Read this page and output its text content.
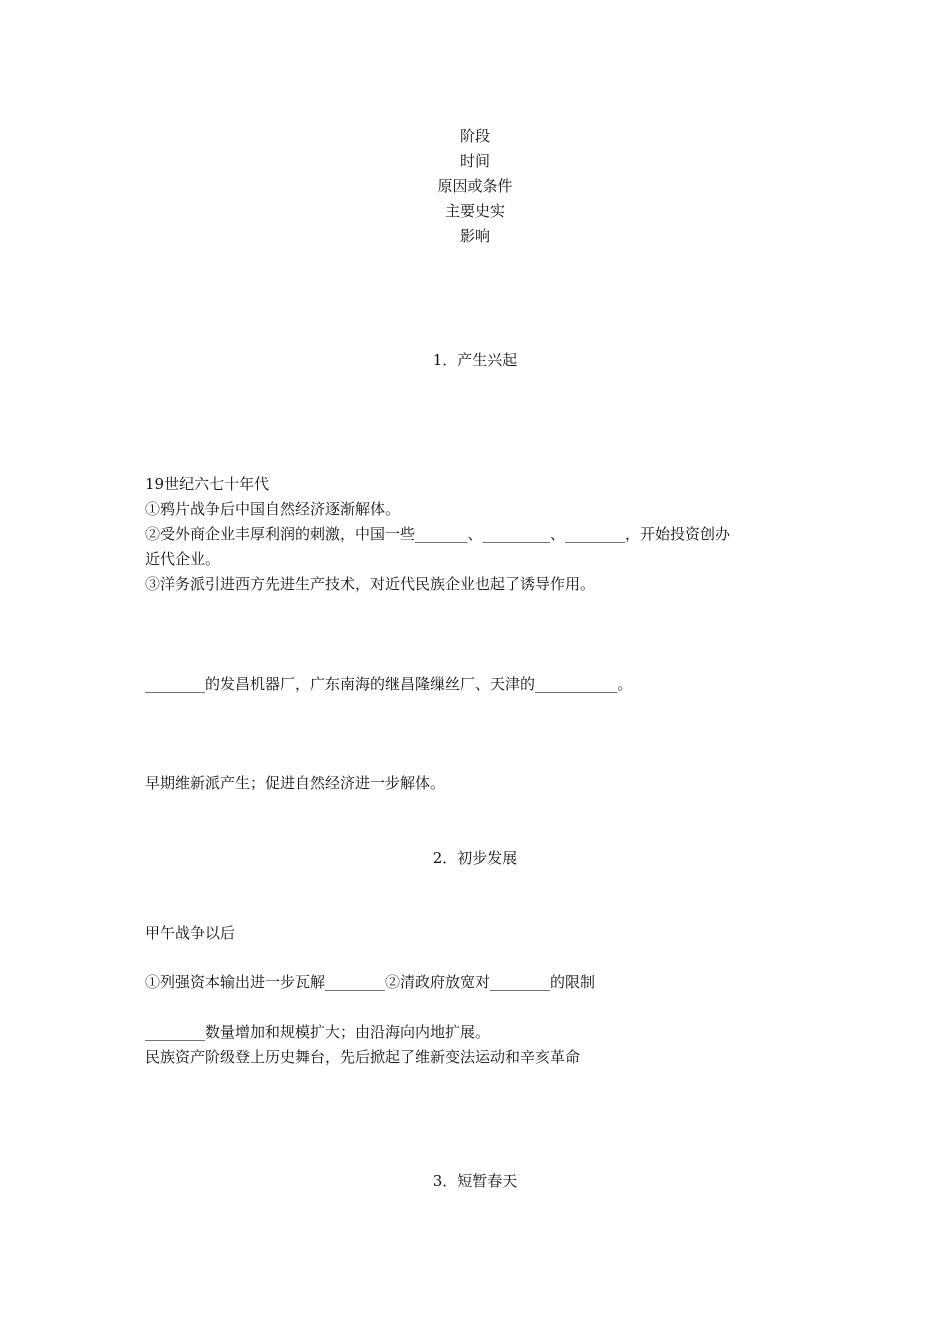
阶段
时间
原因或条件
主要史实
影响
1．产生兴起
19世纪六七十年代
①鸦片战争后中国自然经济逐渐解体。
②受外商企业丰厚利润的刺激，中国一些_______、_________、________，开始投资创办
近代企业。
③洋务派引进西方先进生产技术，对近代民族企业也起了诱导作用。
________的发昌机器厂，广东南海的继昌隆缫丝厂、天津的___________。
早期维新派产生；促进自然经济进一步解体。
2．初步发展
甲午战争以后
①列强资本输出进一步瓦解________②清政府放宽对________的限制
________数量增加和规模扩大；由沿海向内地扩展。
民族资产阶级登上历史舞台，先后掀起了维新变法运动和辛亥革命
3．短暂春天
